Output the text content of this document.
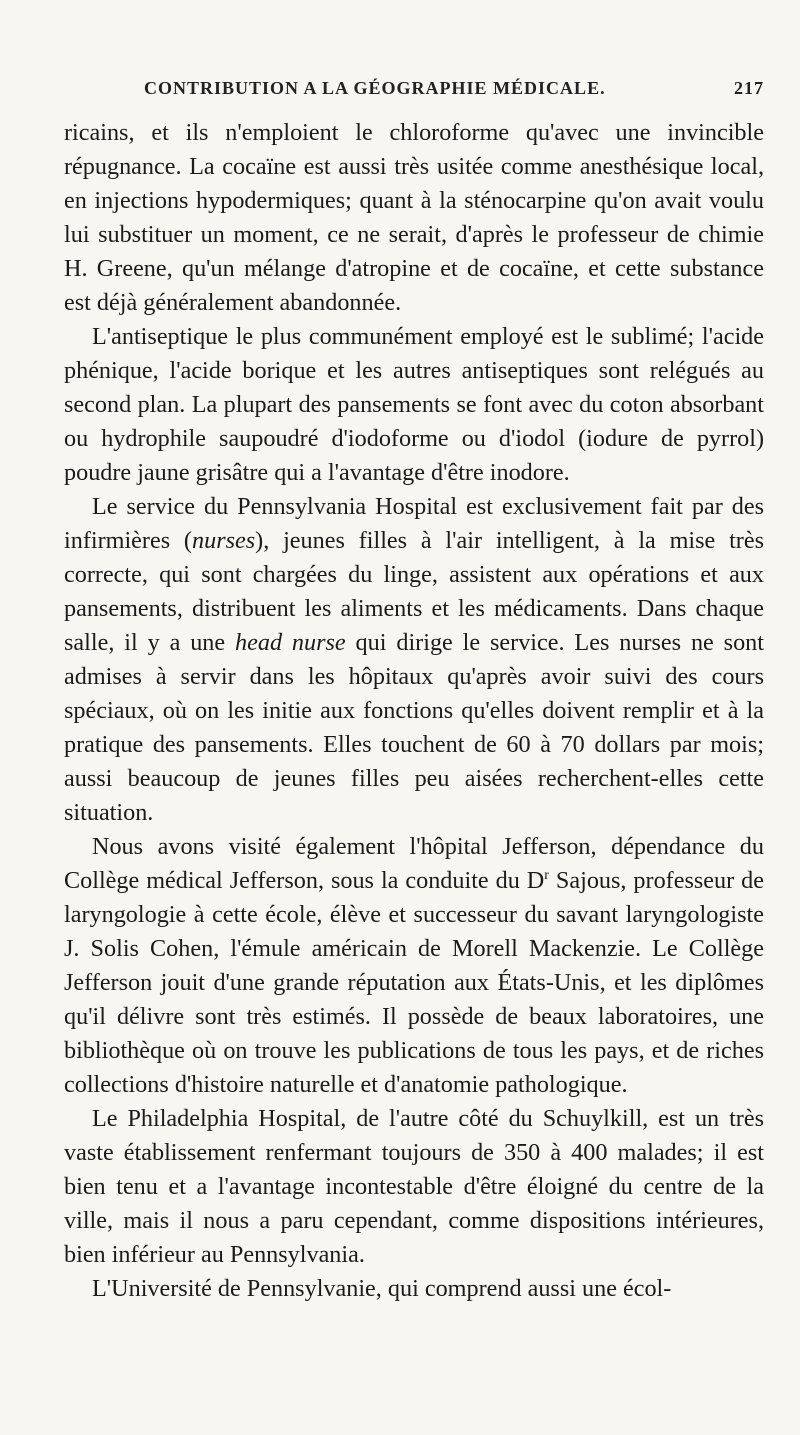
CONTRIBUTION A LA GÉOGRAPHIE MÉDICALE.	217

ricains, et ils n'emploient le chloroforme qu'avec une invincible répugnance. La cocaïne est aussi très usitée comme anesthésique local, en injections hypodermiques; quant à la sténocarpine qu'on avait voulu lui substituer un moment, ce ne serait, d'après le professeur de chimie H. Greene, qu'un mélange d'atropine et de cocaïne, et cette substance est déjà généralement abandonnée.

L'antiseptique le plus communément employé est le sublimé; l'acide phénique, l'acide borique et les autres antiseptiques sont relégués au second plan. La plupart des pansements se font avec du coton absorbant ou hydrophile saupoudré d'iodoforme ou d'iodol (iodure de pyrrol) poudre jaune grisâtre qui a l'avantage d'être inodore.

Le service du Pennsylvania Hospital est exclusivement fait par des infirmières (nurses), jeunes filles à l'air intelligent, à la mise très correcte, qui sont chargées du linge, assistent aux opérations et aux pansements, distribuent les aliments et les médicaments. Dans chaque salle, il y a une head nurse qui dirige le service. Les nurses ne sont admises à servir dans les hôpitaux qu'après avoir suivi des cours spéciaux, où on les initie aux fonctions qu'elles doivent remplir et à la pratique des pansements. Elles touchent de 60 à 70 dollars par mois; aussi beaucoup de jeunes filles peu aisées recherchent-elles cette situation.

Nous avons visité également l'hôpital Jefferson, dépendance du Collège médical Jefferson, sous la conduite du $D^r$ Sajous, professeur de laryngologie à cette école, élève et successeur du savant laryngologiste J. Solis Cohen, l'émule américain de Morell Mackenzie. Le Collège Jefferson jouit d'une grande réputation aux États-Unis, et les diplômes qu'il délivre sont très estimés. Il possède de beaux laboratoires, une bibliothèque où on trouve les publications de tous les pays, et de riches collections d'histoire naturelle et d'anatomie pathologique.

Le Philadelphia Hospital, de l'autre côté du Schuylkill, est un très vaste établissement renfermant toujours de 350 à 400 malades; il est bien tenu et a l'avantage incontestable d'être éloigné du centre de la ville, mais il nous a paru cependant, comme dispositions intérieures, bien inférieur au Pennsylvania.

L'Université de Pennsylvanie, qui comprend aussi une écol-
